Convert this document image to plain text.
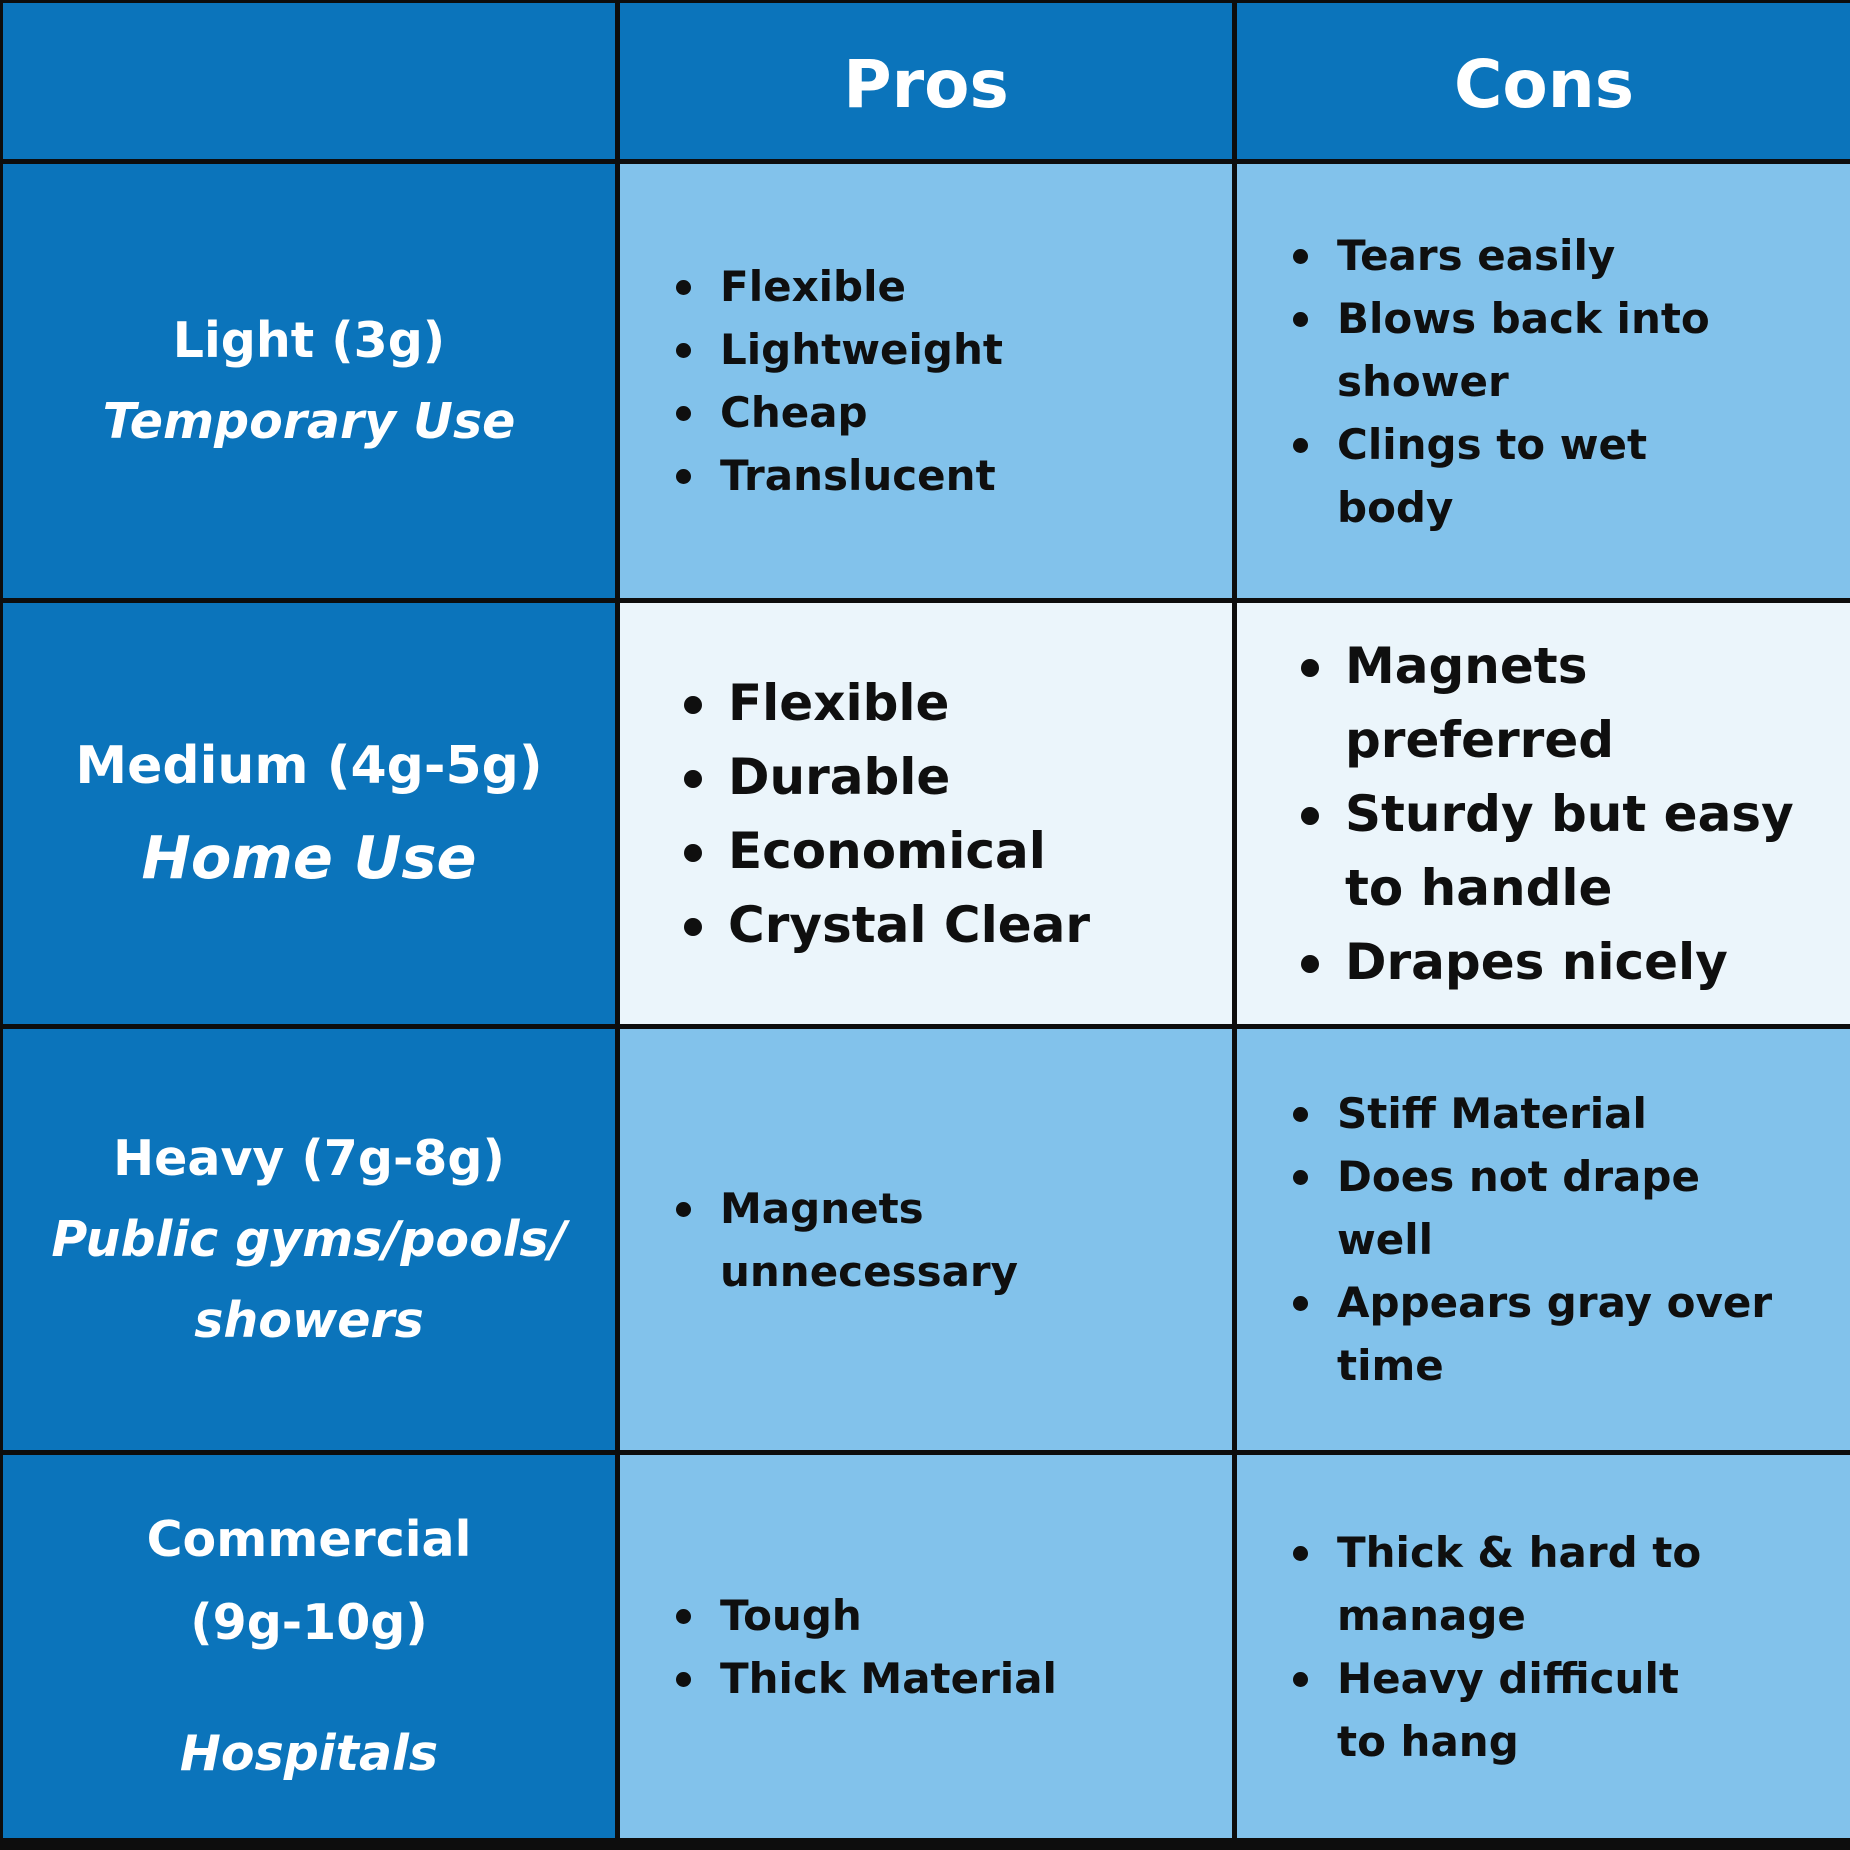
Pros	Cons
Light (3g)
Temporary Use
Flexible
Lightweight
Cheap
Translucent
Tears easily
Blows back into shower
Clings to wet body
Medium (4g-5g)
Home Use
Flexible
Durable
Economical
Crystal Clear
Magnets preferred
Sturdy but easy to handle
Drapes nicely
Heavy (7g-8g)
Public gyms/pools/
showers
Magnets unnecessary
Stiff Material
Does not drape well
Appears gray over time
Commercial
(9g-10g)
Hospitals
Tough
Thick Material
Thick & hard to manage
Heavy difficult to hang
